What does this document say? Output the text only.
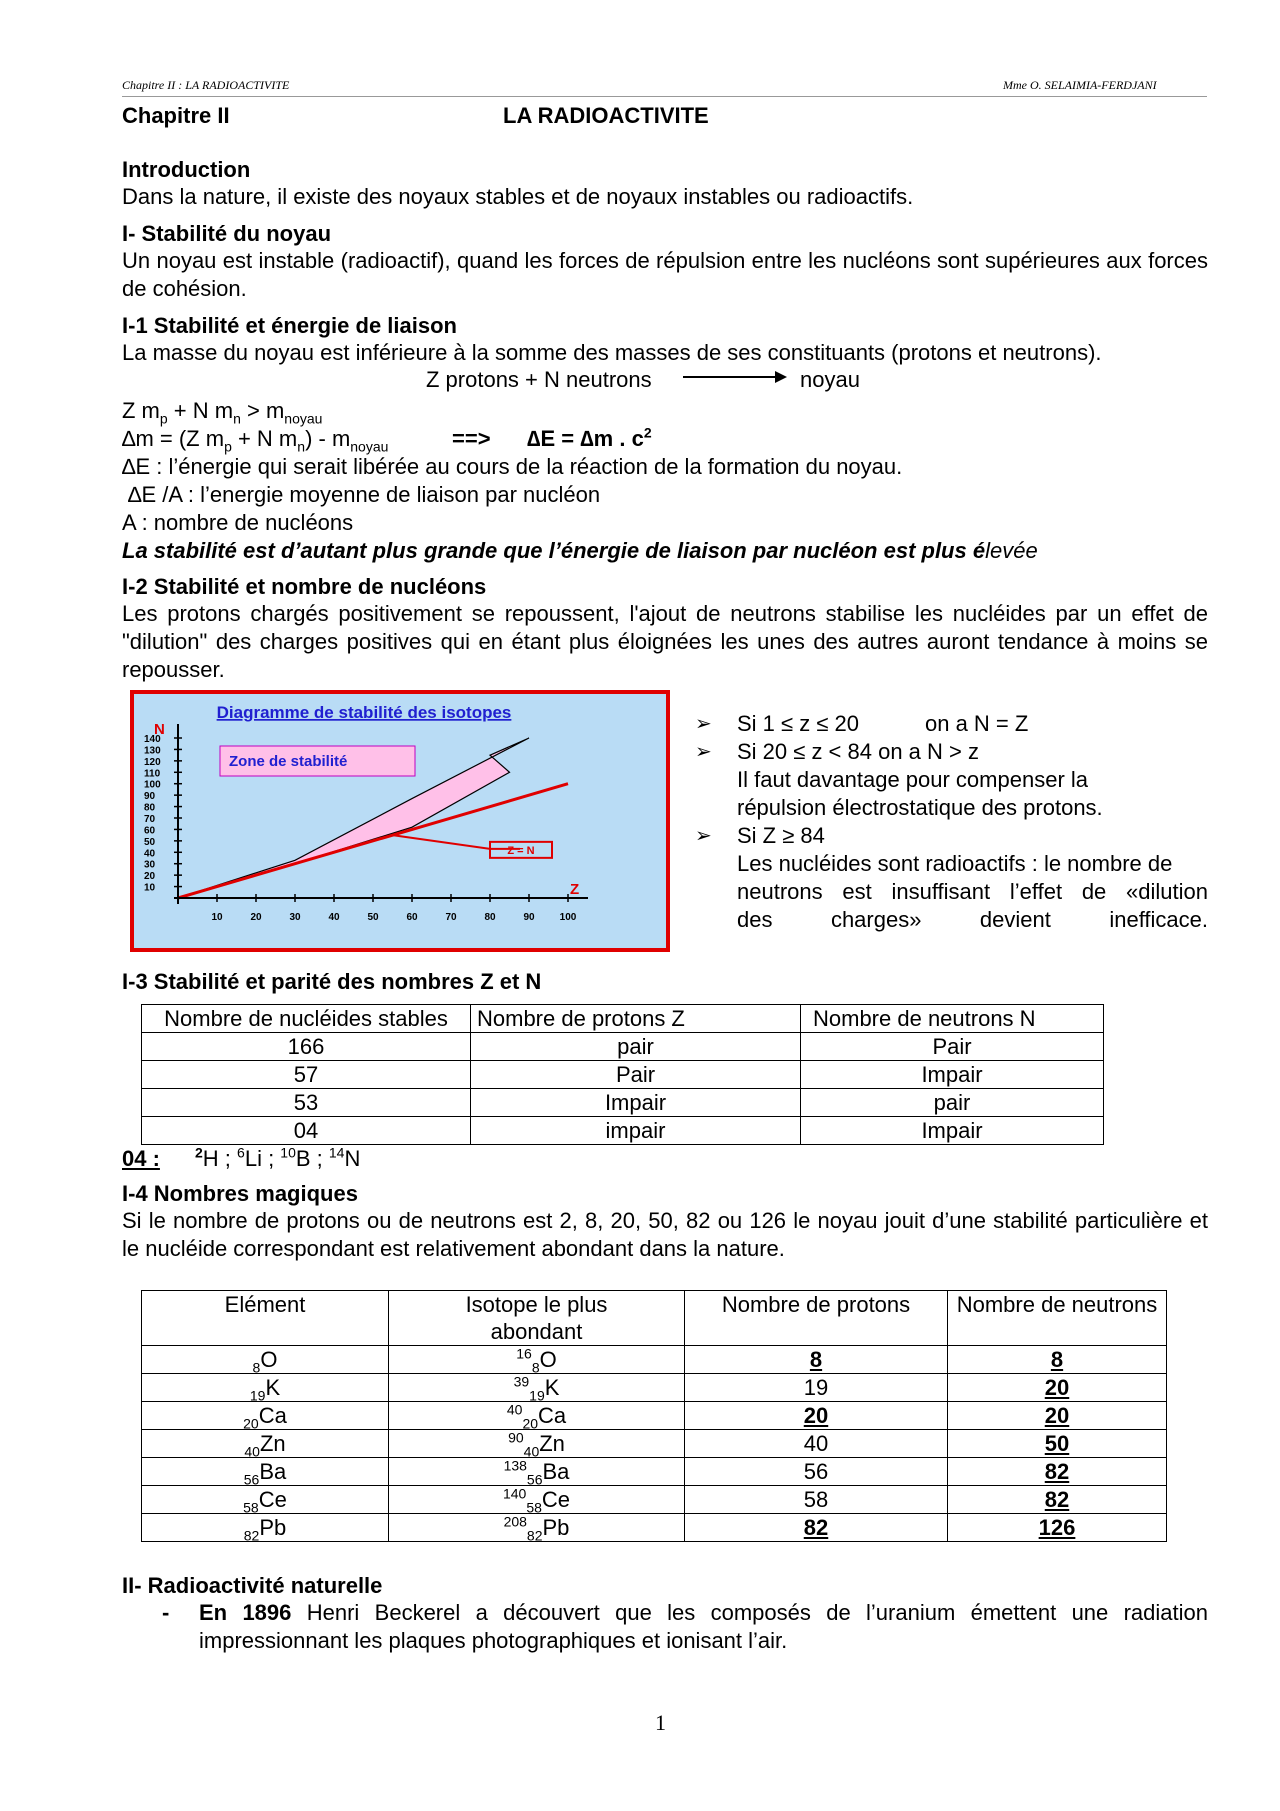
Chapitre II : LA RADIOACTIVITE	Mme O. SELAIMIA-FERDJANI
Chapitre II	LA RADIOACTIVITE
Introduction
Dans la nature, il existe des noyaux stables et de noyaux instables ou radioactifs.
I- Stabilité du noyau
Un noyau est instable (radioactif), quand les forces de répulsion entre les nucléons sont supérieures aux forces de cohésion.
I-1 Stabilité et énergie de liaison
La masse du noyau est inférieure à la somme des masses de ses constituants (protons et neutrons).
Z protons + N neutrons	noyau
Z $m_p + N$ $m_n > m_{noyau}$
∆m = (Z $m_p + N$ $m_n) - m_{noyau}$	==> ∆E = ∆m . $c^2$
∆E : l’énergie qui serait libérée au cours de la réaction de la formation du noyau.
∆E /A : l’energie moyenne de liaison par nucléon
A : nombre de nucléons
La stabilité est d’autant plus grande que l’énergie de liaison par nucléon est plus élevée
I-2 Stabilité et nombre de nucléons
Les protons chargés positivement se repoussent, l'ajout de neutrons stabilise les nucléides par un effet de "dilution" des charges positives qui en étant plus éloignées les unes des autres auront tendance à moins se repousser.
Diagramme de stabilité des isotopes
10
20
30
40
50
60
70
80
90
100
110
120
130
140
10	20	30	40	50	60	70	80	90	100
N
Z
Zone de stabilité
Z = N
➢ Si 1 ≤ z ≤ 20	on a N = Z
➢ Si 20 ≤ z < 84 on a N > z
Il faut davantage pour compenser la
répulsion électrostatique des protons.
➢ Si Z ≥ 84
Les nucléides sont radioactifs : le nombre de
neutrons est insuffisant l’effet de «dilution
des charges» devient inefficace.
I-3 Stabilité et parité des nombres Z et N
Nombre de nucléides stables	Nombre de protons Z	Nombre de neutrons N
166	pair	Pair
57	Pair	Impair
53	Impair	pair
04	impair	Impair
04 :	$^2$H ; $^6$Li ; $^{10}$B ; $^{14}$N
I-4 Nombres magiques
Si le nombre de protons ou de neutrons est 2, 8, 20, 50, 82 ou 126 le noyau jouit d’une stabilité particulière et le nucléide correspondant est relativement abondant dans la nature.
Elément	Isotope le plus abondant	Nombre de protons	Nombre de neutrons
$_8$O	$^{16}_8$O	8	8
$_{19}$K	$^{39}_{19}$K	19	20
$_{20}$Ca	$^{40}_{20}$Ca	20	20
$_{40}$Zn	$^{90}_{40}$Zn	40	50
$_{56}$Ba	$^{138}_{56}$Ba	56	82
$_{58}$Ce	$^{140}_{58}$Ce	58	82
$_{82}$Pb	$^{208}_{82}$Pb	82	126
II- Radioactivité naturelle
- En 1896 Henri Beckerel a découvert que les composés de l’uranium émettent une radiation impressionnant les plaques photographiques et ionisant l’air.
1
